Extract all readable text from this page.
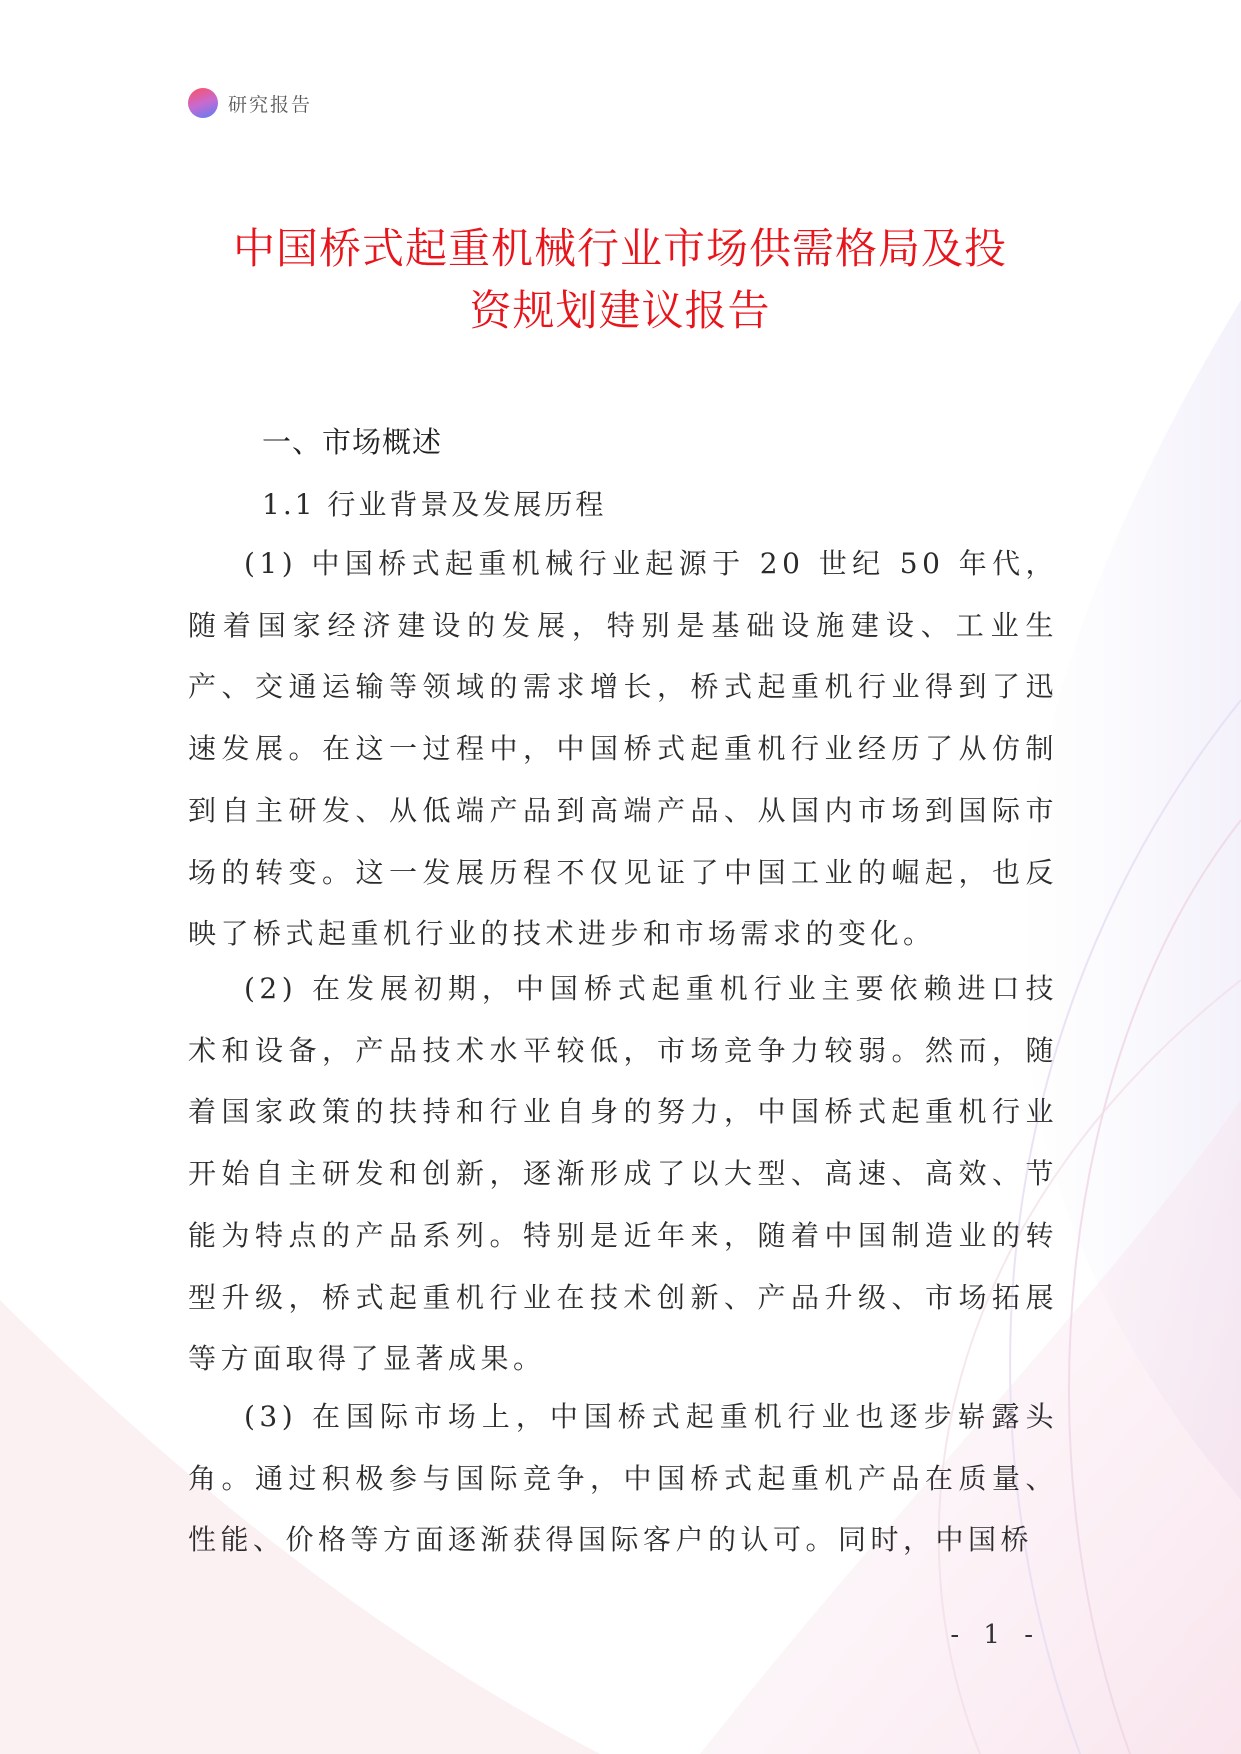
研究报告
中国桥式起重机械行业市场供需格局及投
资规划建议报告
一、市场概述
1.1 行业背景及发展历程

(1) 中国桥式起重机械行业起源于 20 世纪 50 年代，随着国家经济建设的发展，特别是基础设施建设、工业生产、交通运输等领域的需求增长，桥式起重机行业得到了迅速发展。在这一过程中，中国桥式起重机行业经历了从仿制到自主研发、从低端产品到高端产品、从国内市场到国际市场的转变。这一发展历程不仅见证了中国工业的崛起，也反映了桥式起重机行业的技术进步和市场需求的变化。

(2) 在发展初期，中国桥式起重机行业主要依赖进口技术和设备，产品技术水平较低，市场竞争力较弱。然而，随着国家政策的扶持和行业自身的努力，中国桥式起重机行业开始自主研发和创新，逐渐形成了以大型、高速、高效、节能为特点的产品系列。特别是近年来，随着中国制造业的转型升级，桥式起重机行业在技术创新、产品升级、市场拓展等方面取得了显著成果。

(3) 在国际市场上，中国桥式起重机行业也逐步崭露头角。通过积极参与国际竞争，中国桥式起重机产品在质量、性能、价格等方面逐渐获得国际客户的认可。同时，中国桥

- 1 -
